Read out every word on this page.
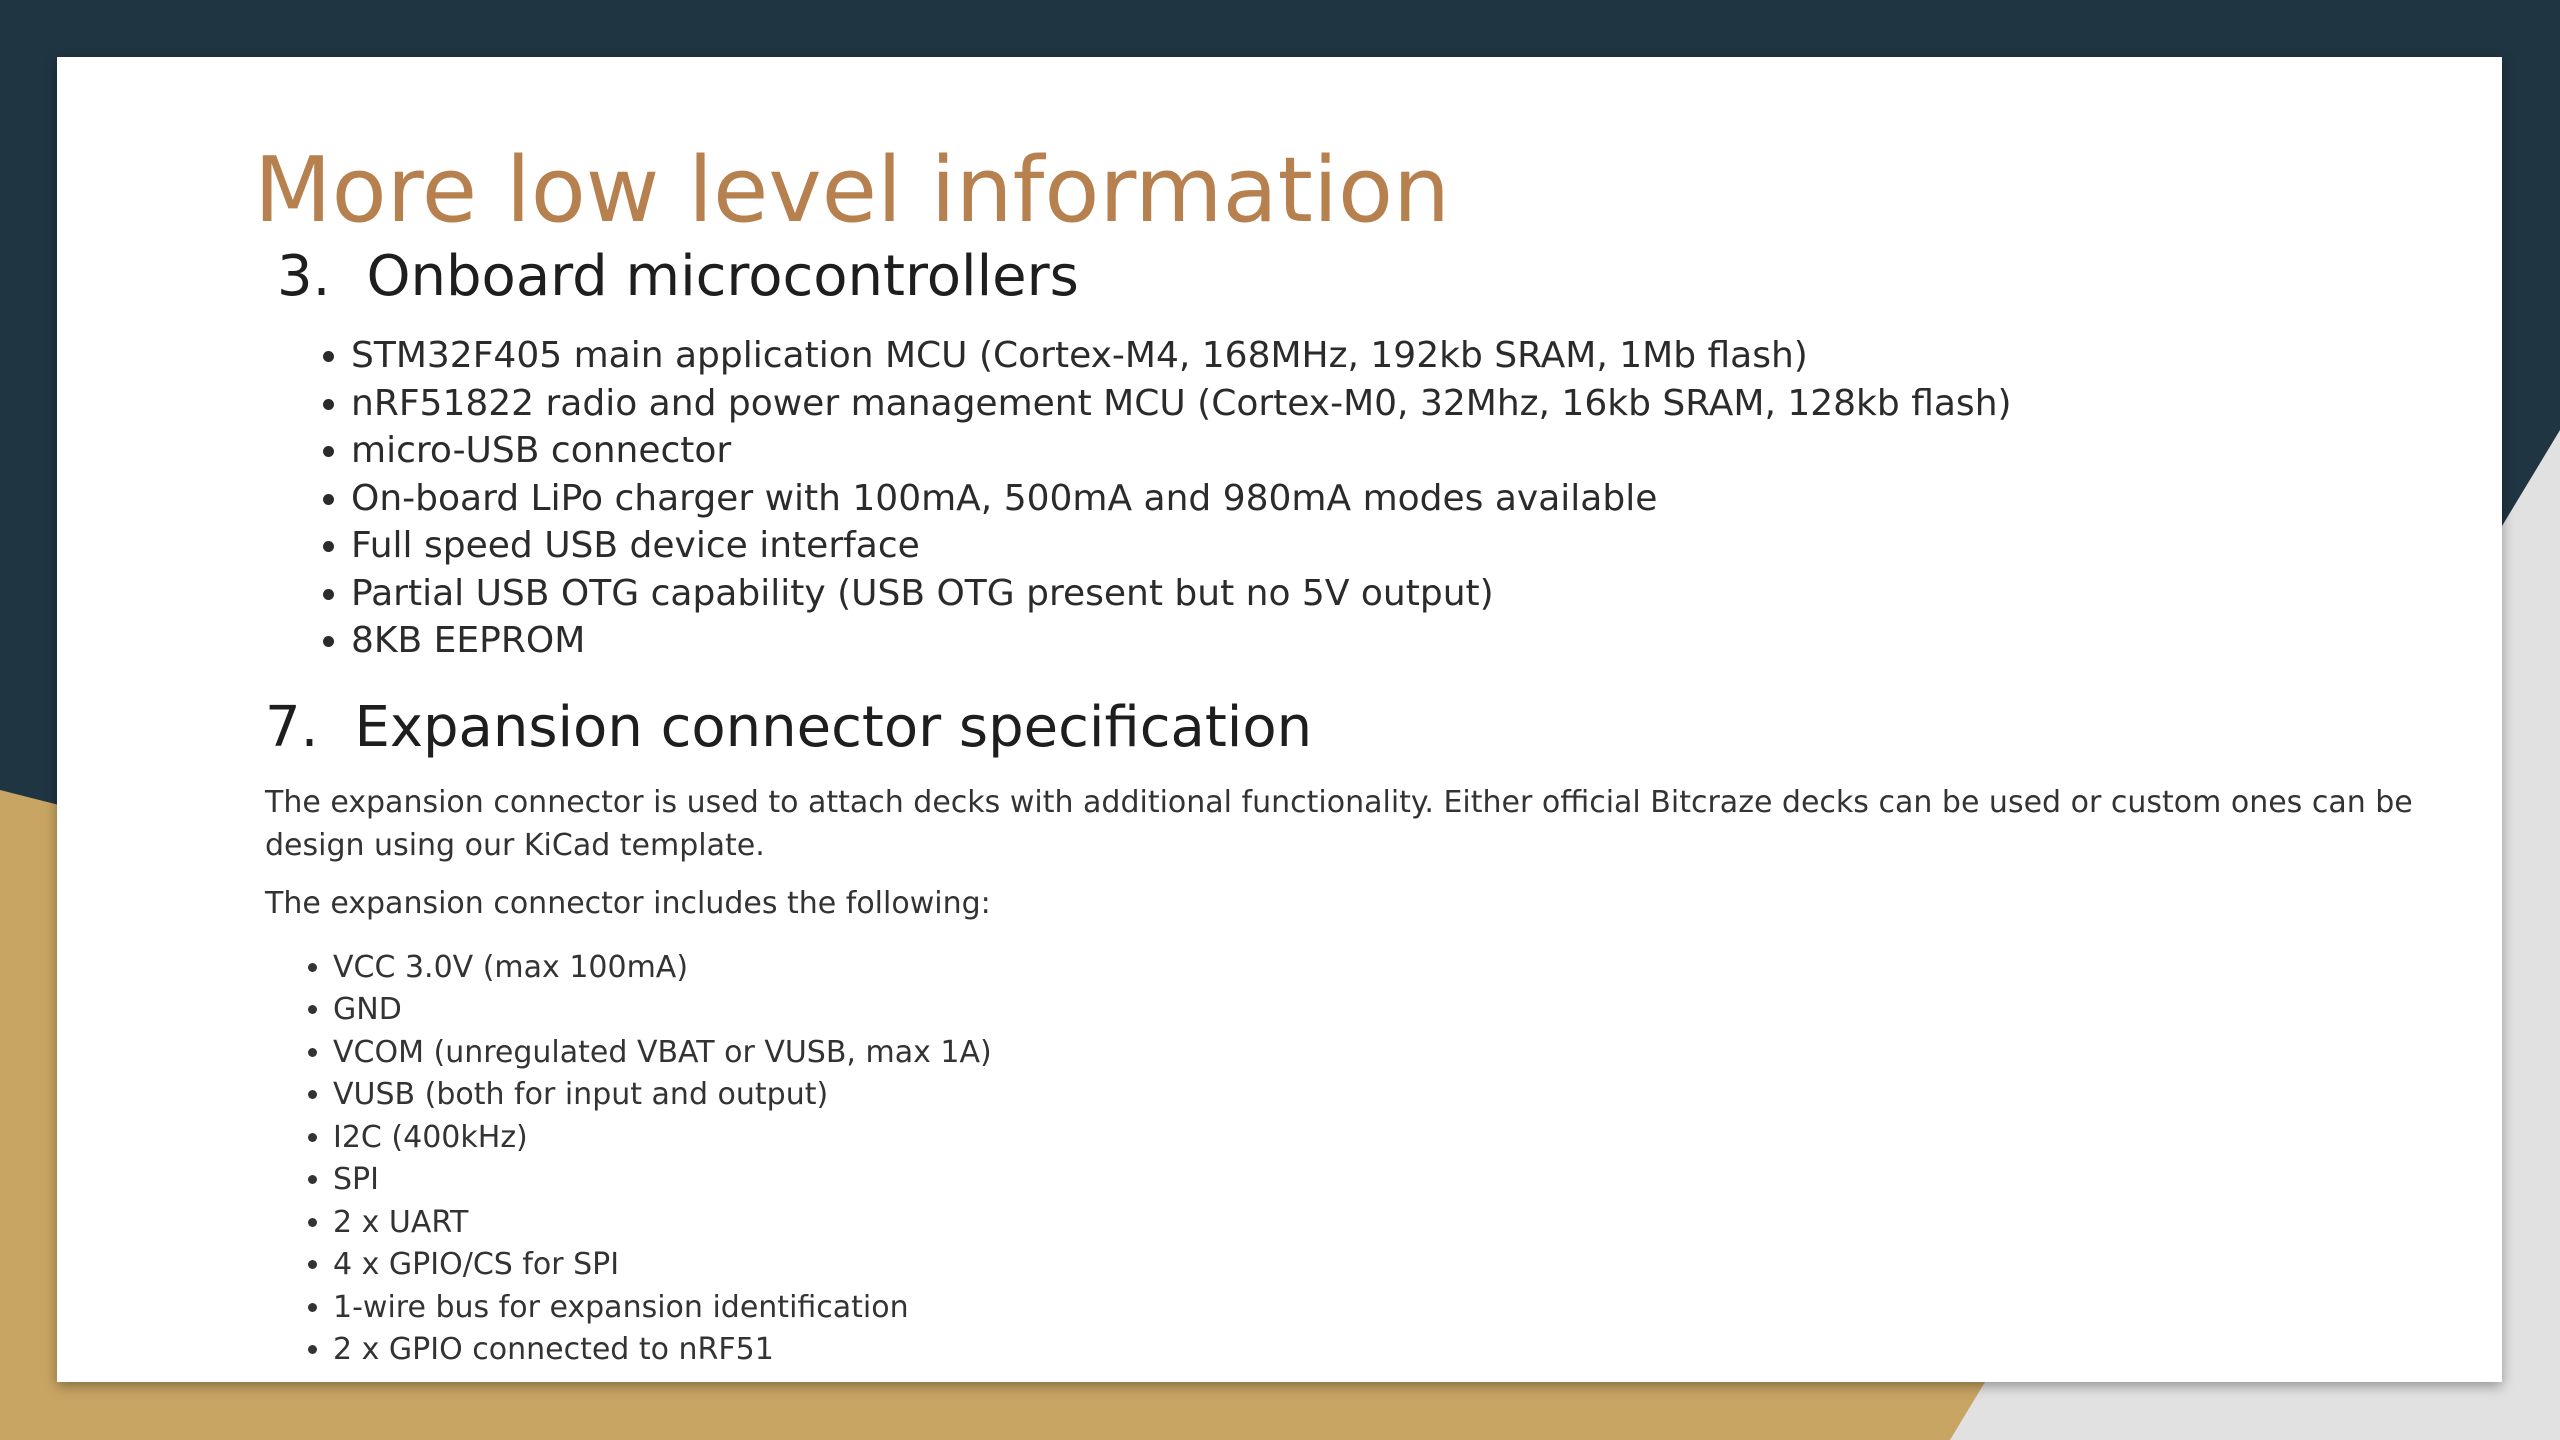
More low level information
3. Onboard microcontrollers
• STM32F405 main application MCU (Cortex-M4, 168MHz, 192kb SRAM, 1Mb flash)
• nRF51822 radio and power management MCU (Cortex-M0, 32Mhz, 16kb SRAM, 128kb flash)
• micro-USB connector
• On-board LiPo charger with 100mA, 500mA and 980mA modes available
• Full speed USB device interface
• Partial USB OTG capability (USB OTG present but no 5V output)
• 8KB EEPROM
7. Expansion connector specification

The expansion connector is used to attach decks with additional functionality. Either official Bitcraze decks can be used or custom ones can be design using our KiCad template.

The expansion connector includes the following:

• VCC 3.0V (max 100mA)
• GND
• VCOM (unregulated VBAT or VUSB, max 1A)
• VUSB (both for input and output)
• I2C (400kHz)
• SPI
• 2 x UART
• 4 x GPIO/CS for SPI
• 1-wire bus for expansion identification
• 2 x GPIO connected to nRF51
